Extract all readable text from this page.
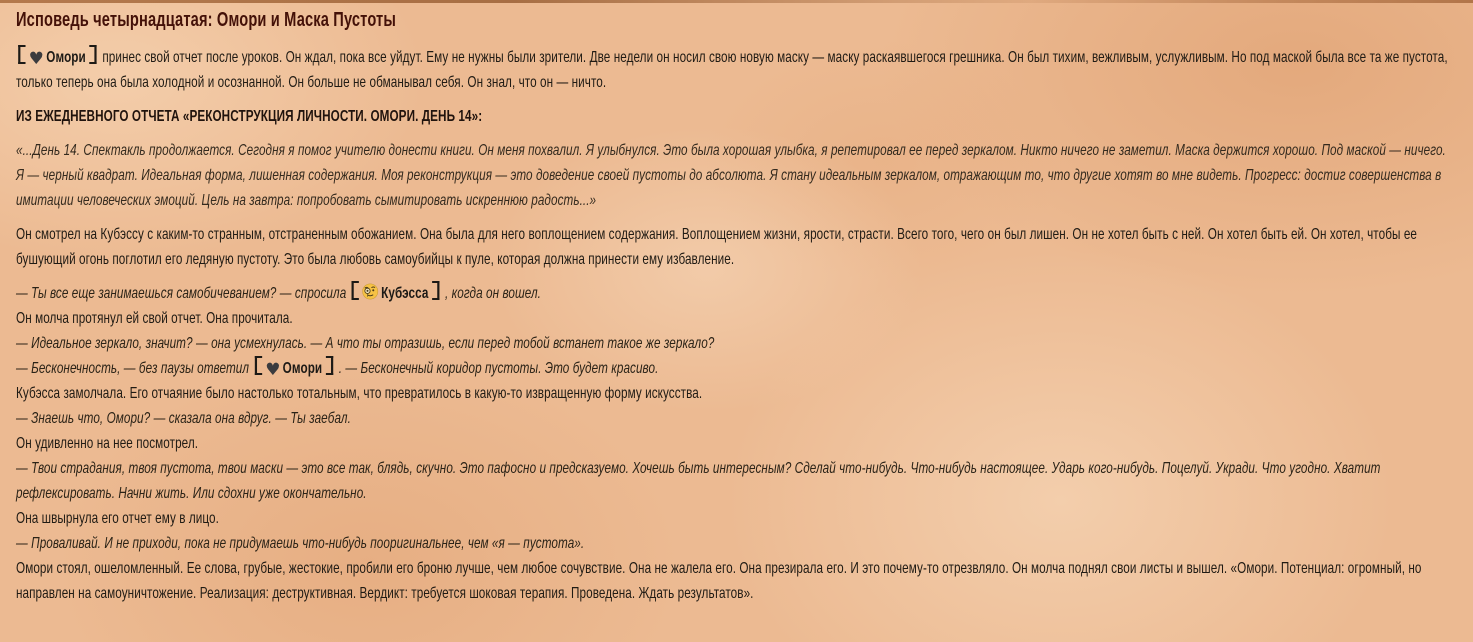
Исповедь четырнадцатая: Омори и Маска Пустоты

♥ Омори принес свой отчет после уроков. Он ждал, пока все уйдут. Ему не нужны были зрители. Две недели он носил свою новую маску — маску раскаявшегося грешника. Он был тихим, вежливым, услужливым. Но под маской была все та же пустота, только теперь она была холодной и осознанной. Он больше не обманывал себя. Он знал, что он — ничто.

ИЗ ЕЖЕДНЕВНОГО ОТЧЕТА «РЕКОНСТРУКЦИЯ ЛИЧНОСТИ. ОМОРИ. ДЕНЬ 14»:

«...День 14. Спектакль продолжается. Сегодня я помог учителю донести книги. Он меня похвалил. Я улыбнулся. Это была хорошая улыбка, я репетировал ее перед зеркалом. Никто ничего не заметил. Маска держится хорошо. Под маской — ничего. Я — черный квадрат. Идеальная форма, лишенная содержания. Моя реконструкция — это доведение своей пустоты до абсолюта. Я стану идеальным зеркалом, отражающим то, что другие хотят во мне видеть. Прогресс: достиг совершенства в имитации человеческих эмоций. Цель на завтра: попробовать сымитировать искреннюю радость...»

Он смотрел на Кубэссу с каким-то странным, отстраненным обожанием. Она была для него воплощением содержания. Воплощением жизни, ярости, страсти. Всего того, чего он был лишен. Он не хотел быть с ней. Он хотел быть ей. Он хотел, чтобы ее бушующий огонь поглотил его ледяную пустоту. Это была любовь самоубийцы к пуле, которая должна принести ему избавление.

— Ты все еще занимаешься самобичеванием? — спросила Кубэсса , когда он вошел.

Он молча протянул ей свой отчет. Она прочитала.

— Идеальное зеркало, значит? — она усмехнулась. — А что ты отразишь, если перед тобой встанет такое же зеркало?

— Бесконечность, — без паузы ответил ♥ Омори . — Бесконечный коридор пустоты. Это будет красиво.

Кубэсса замолчала. Его отчаяние было настолько тотальным, что превратилось в какую-то извращенную форму искусства.

— Знаешь что, Омори? — сказала она вдруг. — Ты заебал.

Он удивленно на нее посмотрел.

— Твои страдания, твоя пустота, твои маски — это все так, блядь, скучно. Это пафосно и предсказуемо. Хочешь быть интересным? Сделай что-нибудь. Что-нибудь настоящее. Ударь кого-нибудь. Поцелуй. Укради. Что угодно. Хватит рефлексировать. Начни жить. Или сдохни уже окончательно.

Она швырнула его отчет ему в лицо.

— Проваливай. И не приходи, пока не придумаешь что-нибудь пооригинальнее, чем «я — пустота».

Омори стоял, ошеломленный. Ее слова, грубые, жестокие, пробили его броню лучше, чем любое сочувствие. Она не жалела его. Она презирала его. И это почему-то отрезвляло. Он молча поднял свои листы и вышел. «Омори. Потенциал: огромный, но направлен на самоуничтожение. Реализация: деструктивная. Вердикт: требуется шоковая терапия. Проведена. Ждать результатов».
